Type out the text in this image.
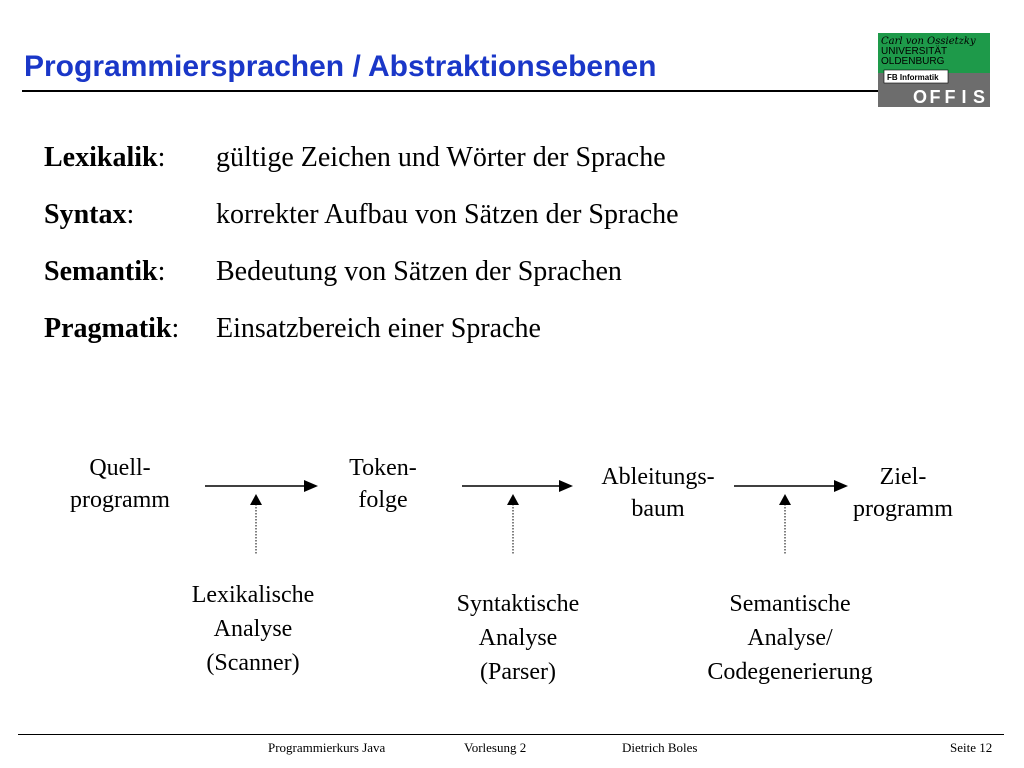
Programmiersprachen / Abstraktionsebenen
Carl von Ossietzky
UNIVERSITÄT
OLDENBURG
FB Informatik
O F F I S
Lexikalik: gültige Zeichen und Wörter der Sprache
Syntax:	korrekter Aufbau von Sätzen der Sprache
Semantik: Bedeutung von Sätzen der Sprachen
Pragmatik: Einsatzbereich einer Sprache
Quell-
programm
Token-
folge
Ableitungs-
baum
Ziel-
programm
Lexikalische
Analyse
(Scanner)
Syntaktische
Analyse
(Parser)
Semantische
Analyse/
Codegenerierung
Programmierkurs Java	Vorlesung 2	Dietrich Boles	Seite 12
